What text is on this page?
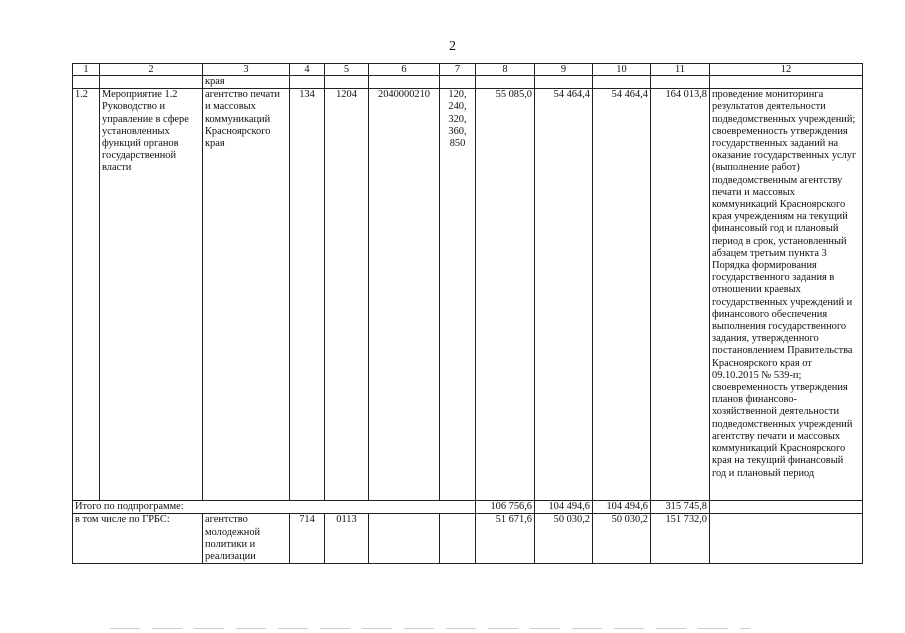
2
1	2	3	4	5	6	7	8	9	10	11	12
		края									
1.2	Мероприятие 1.2 Руководство и управление в сфере установленных функций органов государственной власти	агентство печати и массовых коммуникаций Красноярского края	134	1204	2040000210	120, 240, 320, 360, 850	55 085,0	54 464,4	54 464,4	164 013,8	проведение мониторинга результатов деятельности подведомственных учреждений; своевременность утверждения государственных заданий на оказание государственных услуг (выполнение работ) подведомственным агентству печати и массовых коммуникаций Красноярского края учреждениям на текущий финансовый год и плановый период в срок, установленный абзацем третьим пункта 3 Порядка формирования государственного задания в отношении краевых государственных учреждений и финансового обеспечения выполнения государственного задания, утвержденного постановлением Правительства Красноярского края от 09.10.2015 № 539-п; своевременность утверждения планов финансово-хозяйственной деятельности подведомственных учреждений агентству печати и массовых коммуникаций Красноярского края на текущий финансовый год и плановый период
Итого по подпрограмме:							106 756,6	104 494,6	104 494,6	315 745,8	
в том числе по ГРБС:		агентство молодежной политики и реализации	714	0113			51 671,6	50 030,2	50 030,2	151 732,0	
